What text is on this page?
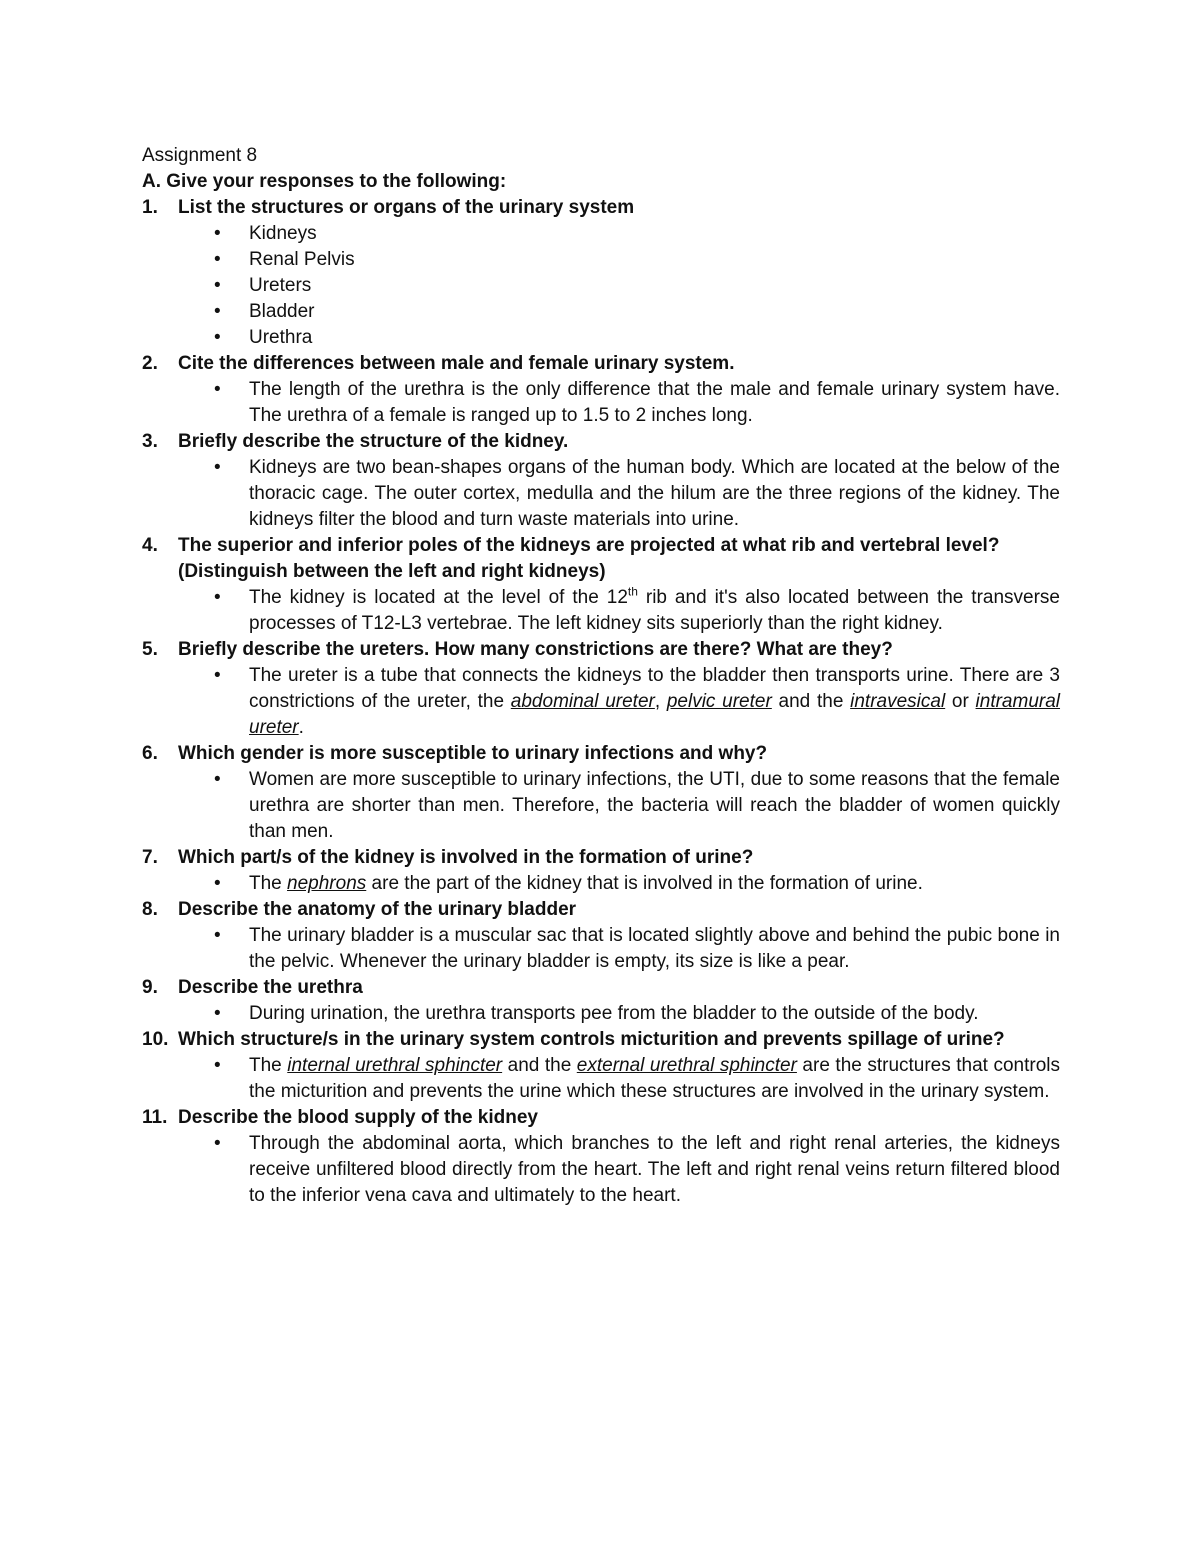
Assignment 8
A. Give your responses to the following:
1. List the structures or organs of the urinary system
• Kidneys
• Renal Pelvis
• Ureters
• Bladder
• Urethra
2. Cite the differences between male and female urinary system.
• The length of the urethra is the only difference that the male and female urinary system have. The urethra of a female is ranged up to 1.5 to 2 inches long.
3. Briefly describe the structure of the kidney.
• Kidneys are two bean-shapes organs of the human body. Which are located at the below of the thoracic cage. The outer cortex, medulla and the hilum are the three regions of the kidney. The kidneys filter the blood and turn waste materials into urine.
4. The superior and inferior poles of the kidneys are projected at what rib and vertebral level? (Distinguish between the left and right kidneys)
• The kidney is located at the level of the 12th rib and it's also located between the transverse processes of T12-L3 vertebrae. The left kidney sits superiorly than the right kidney.
5. Briefly describe the ureters. How many constrictions are there? What are they?
• The ureter is a tube that connects the kidneys to the bladder then transports urine. There are 3 constrictions of the ureter, the abdominal ureter, pelvic ureter and the intravesical or intramural ureter.
6. Which gender is more susceptible to urinary infections and why?
• Women are more susceptible to urinary infections, the UTI, due to some reasons that the female urethra are shorter than men. Therefore, the bacteria will reach the bladder of women quickly than men.
7. Which part/s of the kidney is involved in the formation of urine?
• The nephrons are the part of the kidney that is involved in the formation of urine.
8. Describe the anatomy of the urinary bladder
• The urinary bladder is a muscular sac that is located slightly above and behind the pubic bone in the pelvic. Whenever the urinary bladder is empty, its size is like a pear.
9. Describe the urethra
• During urination, the urethra transports pee from the bladder to the outside of the body.
10. Which structure/s in the urinary system controls micturition and prevents spillage of urine?
• The internal urethral sphincter and the external urethral sphincter are the structures that controls the micturition and prevents the urine which these structures are involved in the urinary system.
11. Describe the blood supply of the kidney
• Through the abdominal aorta, which branches to the left and right renal arteries, the kidneys receive unfiltered blood directly from the heart. The left and right renal veins return filtered blood to the inferior vena cava and ultimately to the heart.
